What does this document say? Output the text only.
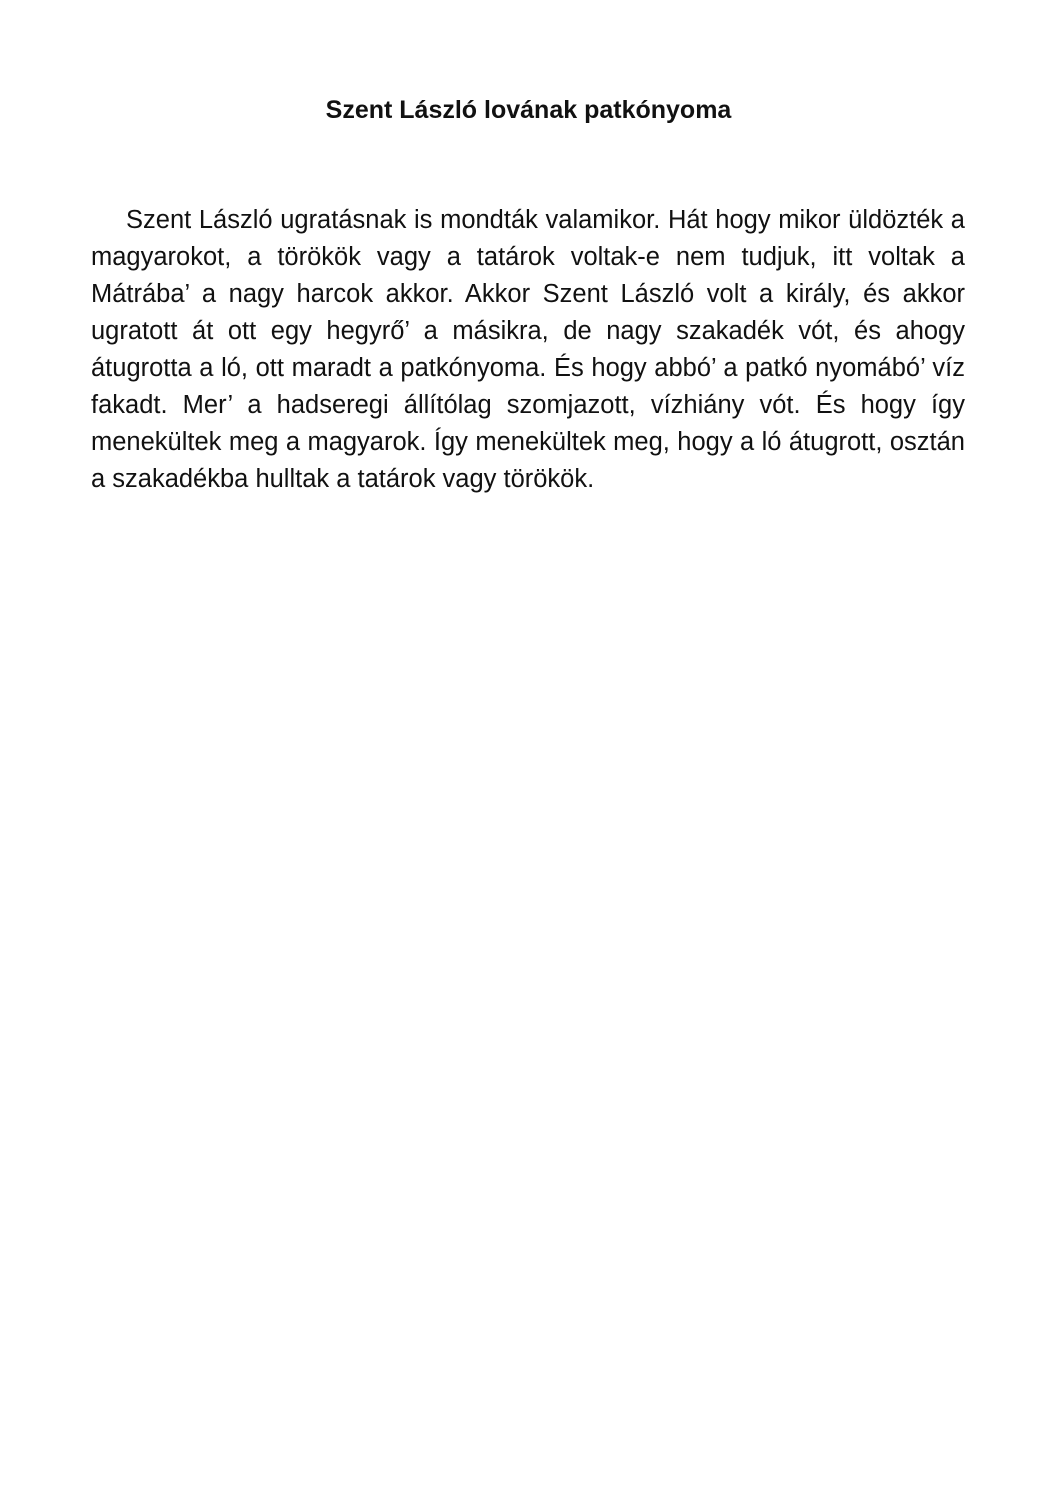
Szent László lovának patkónyoma

Szent László ugratásnak is mondták valamikor. Hát hogy mikor üldözték a magyarokot, a törökök vagy a tatárok voltak-e nem tudjuk, itt voltak a Mátrába’ a nagy harcok akkor. Akkor Szent László volt a király, és akkor ugratott át ott egy hegyrő’ a másikra, de nagy szakadék vót, és ahogy átugrotta a ló, ott maradt a patkónyoma. És hogy abbó’ a patkó nyomábó’ víz fakadt. Mer’ a hadseregi állítólag szomjazott, vízhiány vót. És hogy így menekültek meg a magyarok. Így menekültek meg, hogy a ló átugrott, osztán a szakadékba hulltak a tatárok vagy törökök.
